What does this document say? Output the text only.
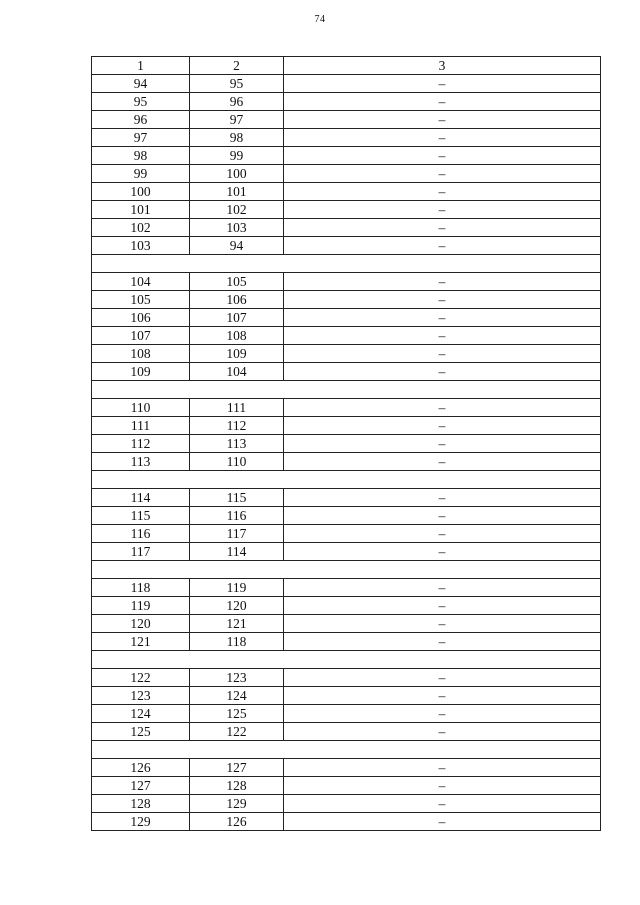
74
1	2	3
94	95	–
95	96	–
96	97	–
97	98	–
98	99	–
99	100	–
100	101	–
101	102	–
102	103	–
103	94	–

104	105	–
105	106	–
106	107	–
107	108	–
108	109	–
109	104	–

110	111	–
111	112	–
112	113	–
113	110	–

114	115	–
115	116	–
116	117	–
117	114	–

118	119	–
119	120	–
120	121	–
121	118	–

122	123	–
123	124	–
124	125	–
125	122	–

126	127	–
127	128	–
128	129	–
129	126	–
